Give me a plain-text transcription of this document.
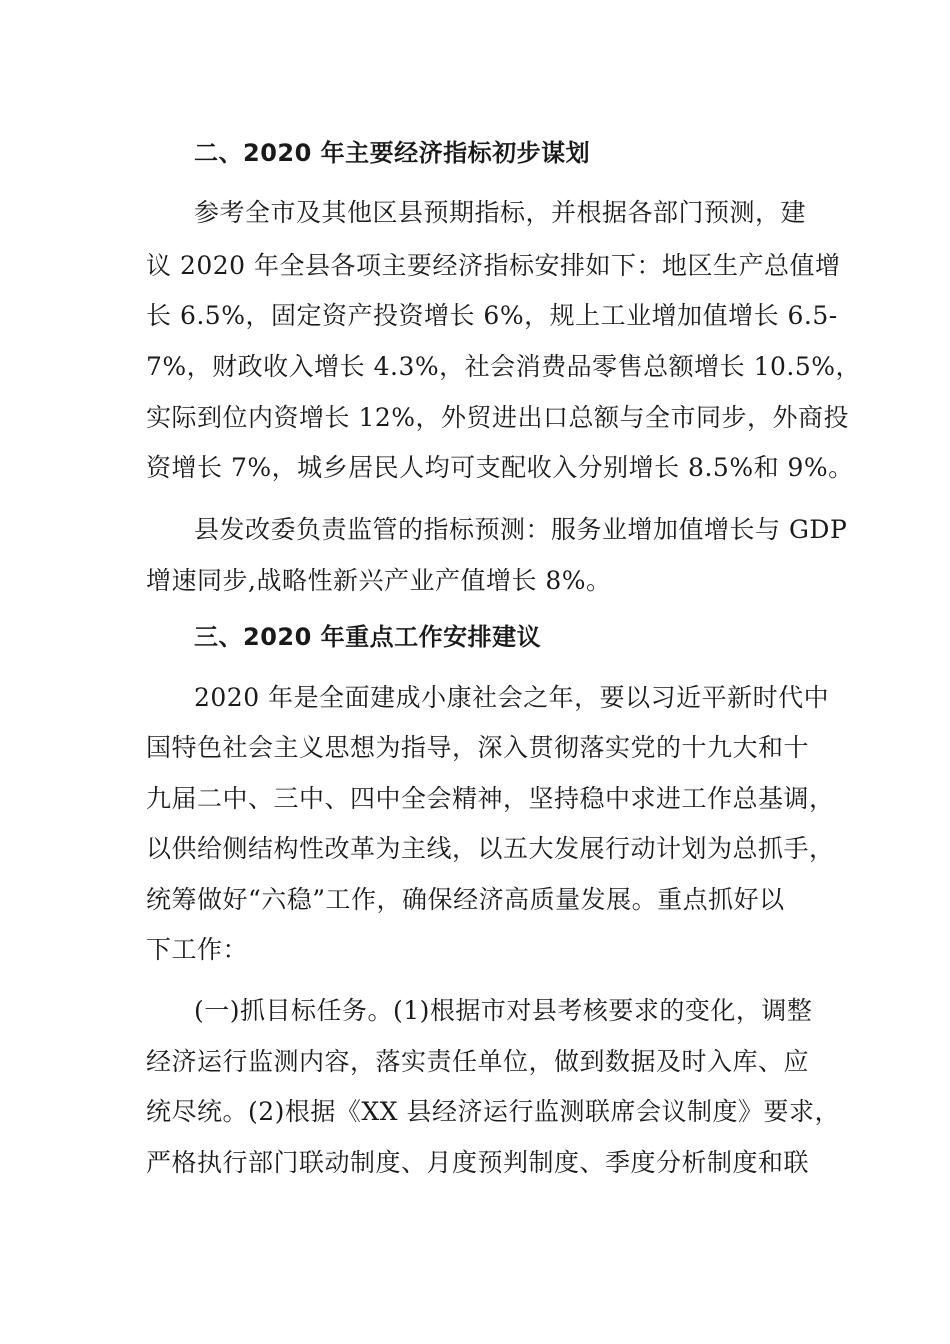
二、2020 年主要经济指标初步谋划
参考全市及其他区县预期指标，并根据各部门预测，建
议 2020 年全县各项主要经济指标安排如下：地区生产总值增
长 6.5%，固定资产投资增长 6%，规上工业增加值增长 6.5-
7%，财政收入增长 4.3%，社会消费品零售总额增长 10.5%，
实际到位内资增长 12%，外贸进出口总额与全市同步，外商投
资增长 7%，城乡居民人均可支配收入分别增长 8.5%和 9%。
县发改委负责监管的指标预测：服务业增加值增长与 GDP
增速同步,战略性新兴产业产值增长 8%。
三、2020 年重点工作安排建议
2020 年是全面建成小康社会之年，要以习近平新时代中
国特色社会主义思想为指导，深入贯彻落实党的十九大和十
九届二中、三中、四中全会精神，坚持稳中求进工作总基调，
以供给侧结构性改革为主线，以五大发展行动计划为总抓手，
统筹做好“六稳”工作，确保经济高质量发展。重点抓好以
下工作：
(一)抓目标任务。(1)根据市对县考核要求的变化，调整
经济运行监测内容，落实责任单位，做到数据及时入库、应
统尽统。(2)根据《XX 县经济运行监测联席会议制度》要求，
严格执行部门联动制度、月度预判制度、季度分析制度和联
